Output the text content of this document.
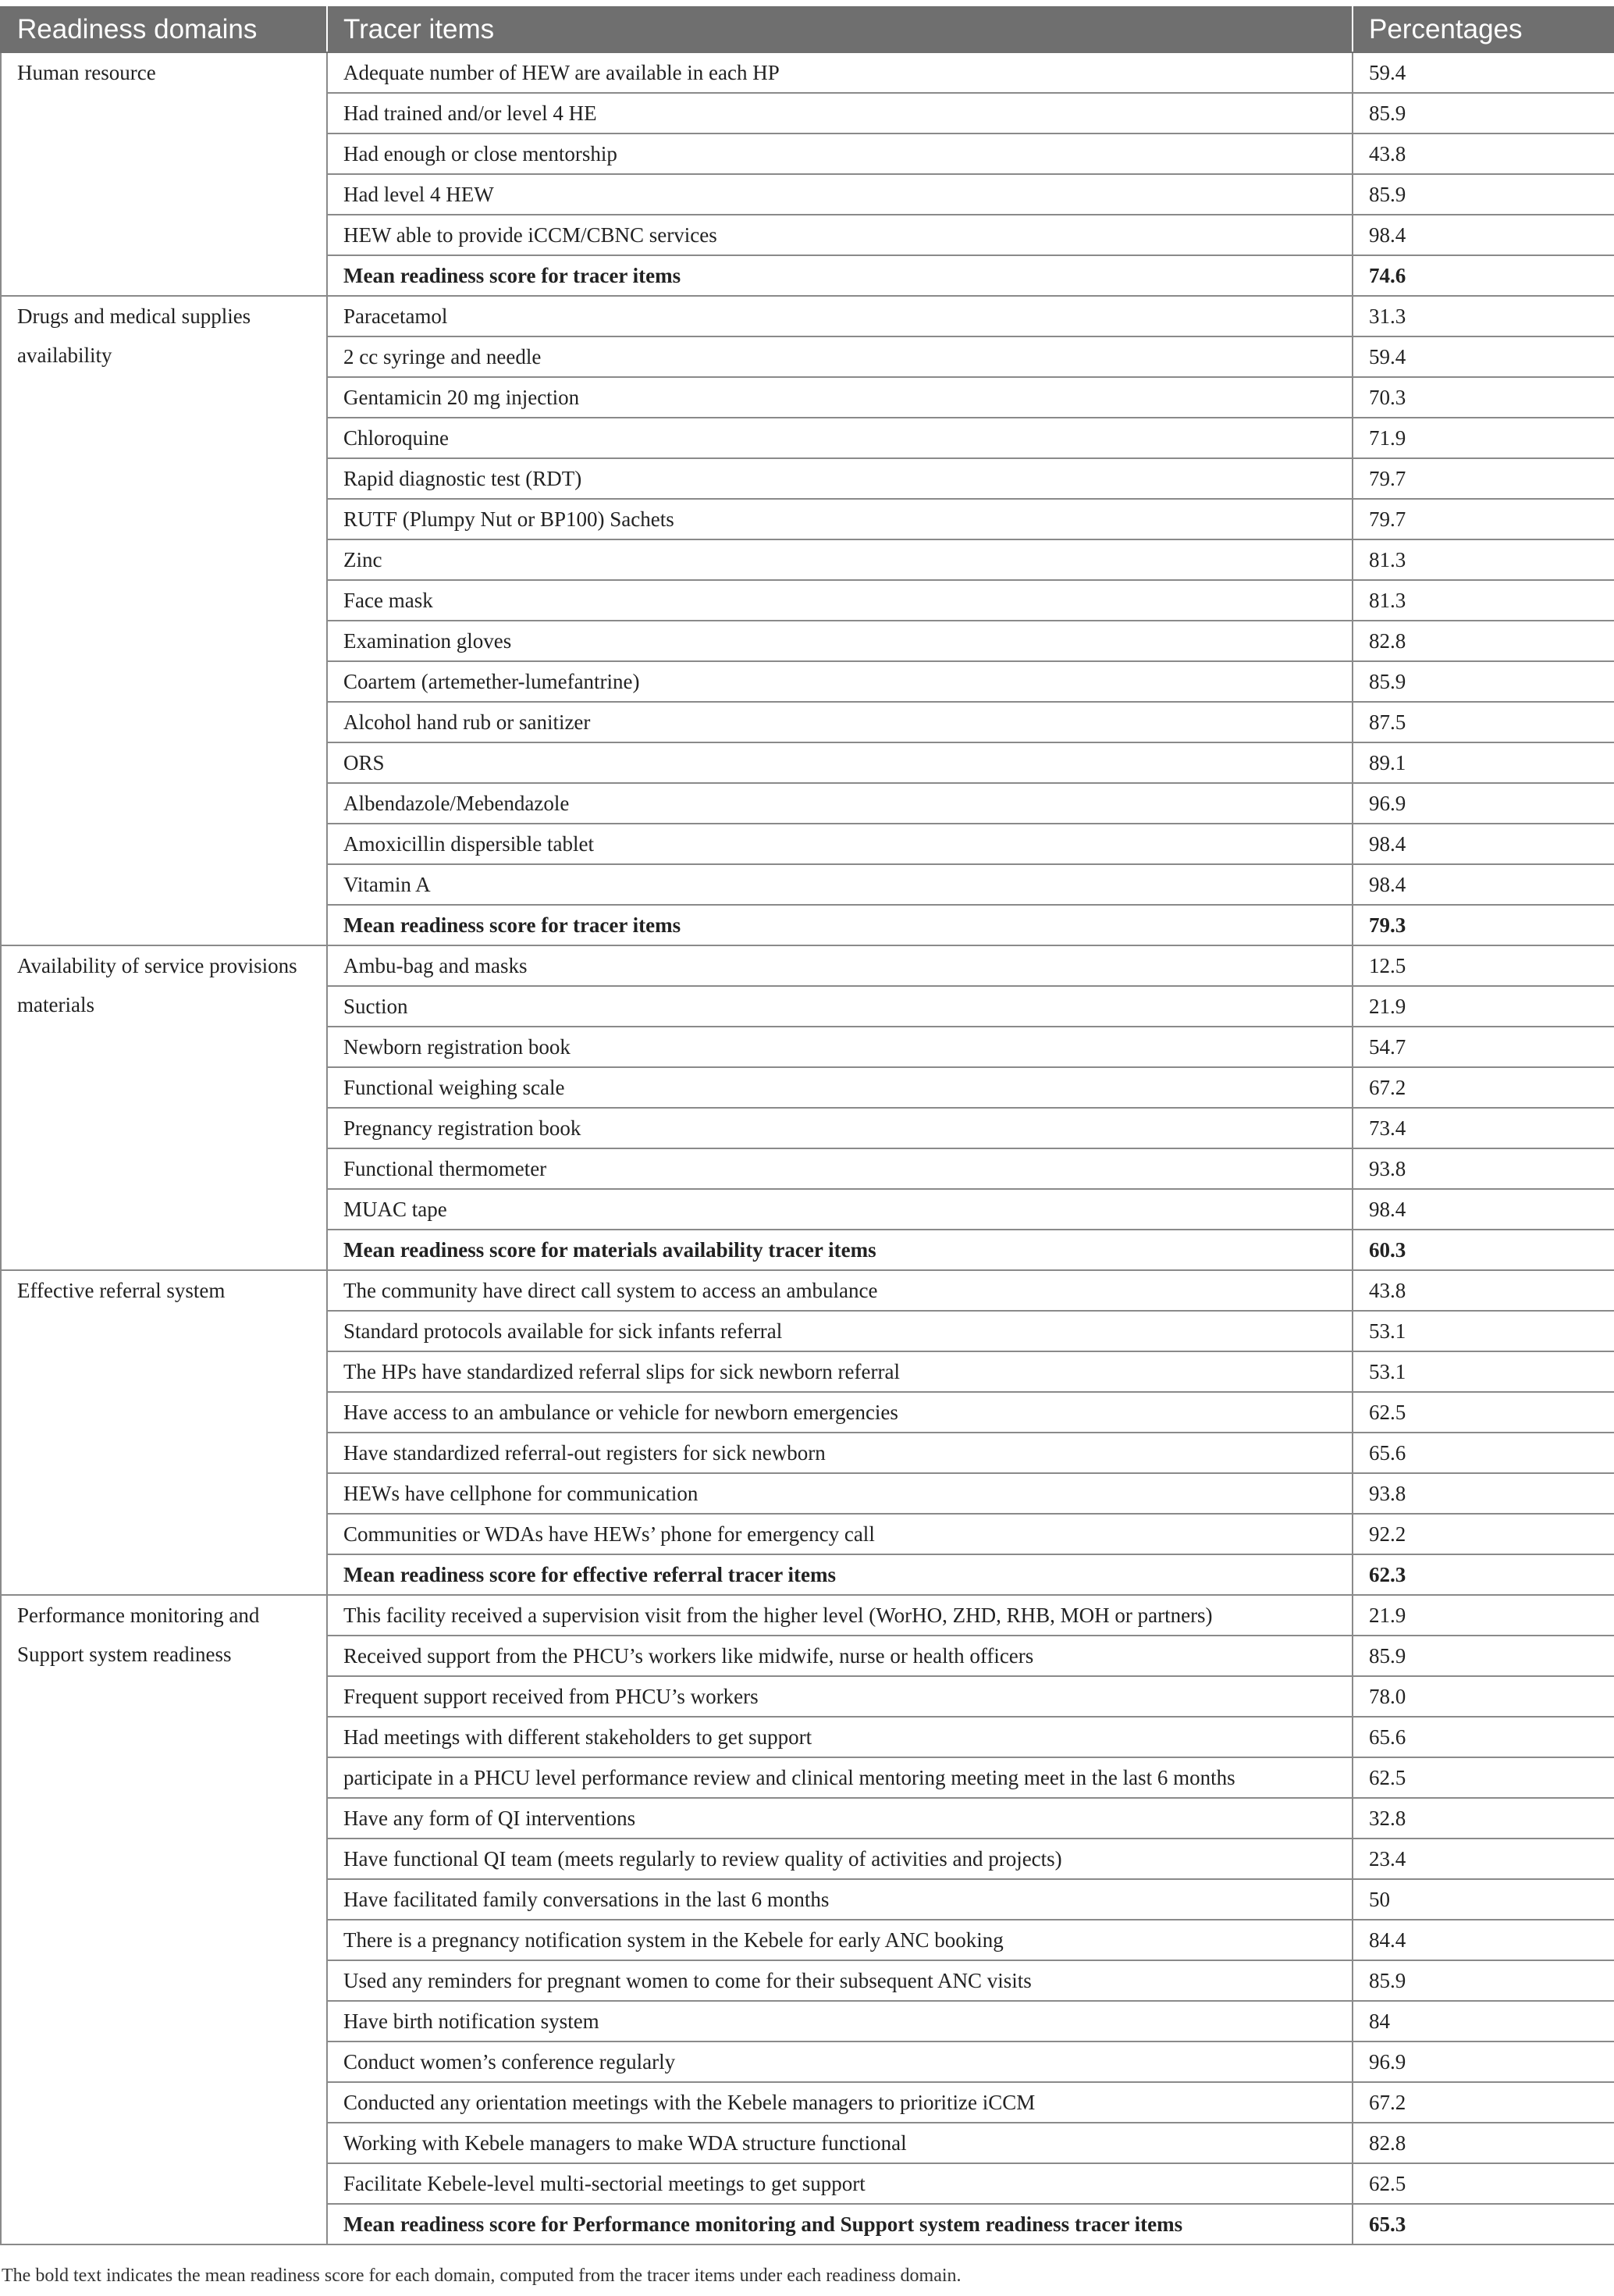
Readiness domains	Tracer items	Percentages
Human resource	Adequate number of HEW are available in each HP	59.4
	Had trained and/or level 4 HE	85.9
	Had enough or close mentorship	43.8
	Had level 4 HEW	85.9
	HEW able to provide iCCM/CBNC services	98.4
	Mean readiness score for tracer items	74.6
Drugs and medical supplies availability	Paracetamol	31.3
	2 cc syringe and needle	59.4
	Gentamicin 20 mg injection	70.3
	Chloroquine	71.9
	Rapid diagnostic test (RDT)	79.7
	RUTF (Plumpy Nut or BP100) Sachets	79.7
	Zinc	81.3
	Face mask	81.3
	Examination gloves	82.8
	Coartem (artemether-lumefantrine)	85.9
	Alcohol hand rub or sanitizer	87.5
	ORS	89.1
	Albendazole/Mebendazole	96.9
	Amoxicillin dispersible tablet	98.4
	Vitamin A	98.4
	Mean readiness score for tracer items	79.3
Availability of service provisions materials	Ambu-bag and masks	12.5
	Suction	21.9
	Newborn registration book	54.7
	Functional weighing scale	67.2
	Pregnancy registration book	73.4
	Functional thermometer	93.8
	MUAC tape	98.4
	Mean readiness score for materials availability tracer items	60.3
Effective referral system	The community have direct call system to access an ambulance	43.8
	Standard protocols available for sick infants referral	53.1
	The HPs have standardized referral slips for sick newborn referral	53.1
	Have access to an ambulance or vehicle for newborn emergencies	62.5
	Have standardized referral-out registers for sick newborn	65.6
	HEWs have cellphone for communication	93.8
	Communities or WDAs have HEWs’ phone for emergency call	92.2
	Mean readiness score for effective referral tracer items	62.3
Performance monitoring and Support system readiness	This facility received a supervision visit from the higher level (WorHO, ZHD, RHB, MOH or partners)	21.9
	Received support from the PHCU’s workers like midwife, nurse or health officers	85.9
	Frequent support received from PHCU’s workers	78.0
	Had meetings with different stakeholders to get support	65.6
	participate in a PHCU level performance review and clinical mentoring meeting meet in the last 6 months	62.5
	Have any form of QI interventions	32.8
	Have functional QI team (meets regularly to review quality of activities and projects)	23.4
	Have facilitated family conversations in the last 6 months	50
	There is a pregnancy notification system in the Kebele for early ANC booking	84.4
	Used any reminders for pregnant women to come for their subsequent ANC visits	85.9
	Have birth notification system	84
	Conduct women’s conference regularly	96.9
	Conducted any orientation meetings with the Kebele managers to prioritize iCCM	67.2
	Working with Kebele managers to make WDA structure functional	82.8
	Facilitate Kebele-level multi-sectorial meetings to get support	62.5
	Mean readiness score for Performance monitoring and Support system readiness tracer items	65.3
The bold text indicates the mean readiness score for each domain, computed from the tracer items under each readiness domain.
